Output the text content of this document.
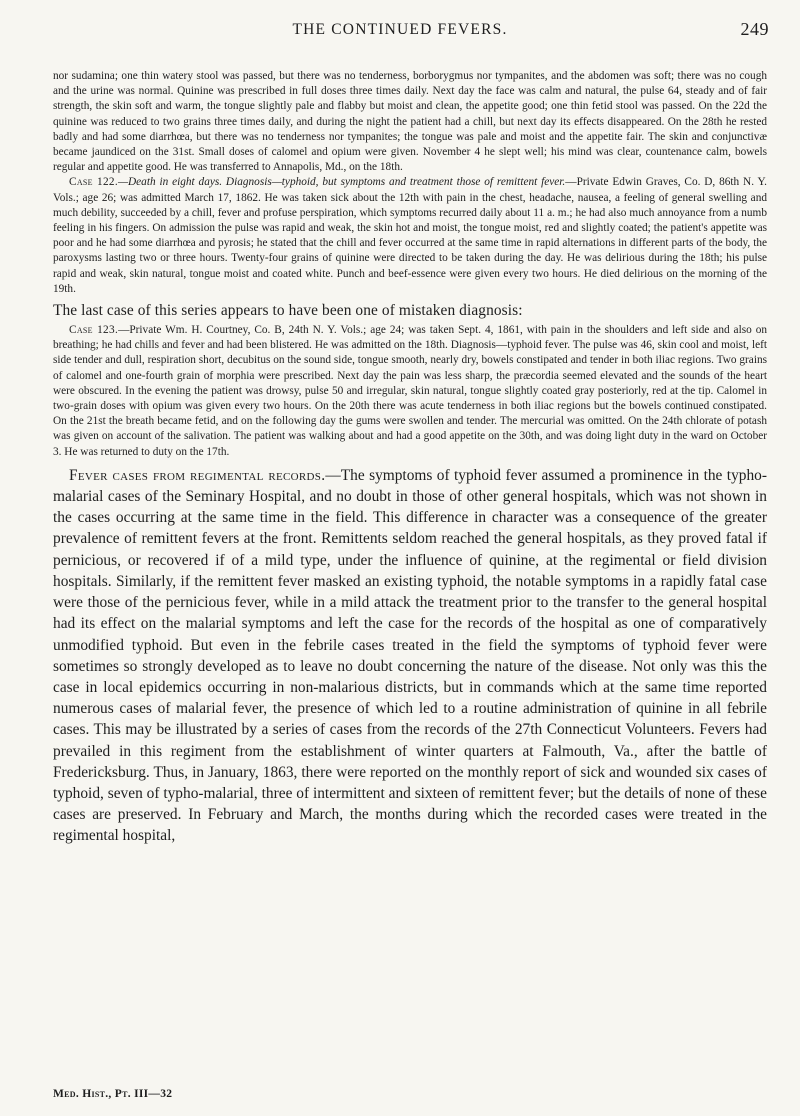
THE CONTINUED FEVERS.	249

nor sudamina; one thin watery stool was passed, but there was no tenderness, borborygmus nor tympanites, and the abdomen was soft; there was no cough and the urine was normal. Quinine was prescribed in full doses three times daily. Next day the face was calm and natural, the pulse 64, steady and of fair strength, the skin soft and warm, the tongue slightly pale and flabby but moist and clean, the appetite good; one thin fetid stool was passed. On the 22d the quinine was reduced to two grains three times daily, and during the night the patient had a chill, but next day its effects disappeared. On the 28th he rested badly and had some diarrhœa, but there was no tenderness nor tympanites; the tongue was pale and moist and the appetite fair. The skin and conjunctivæ became jaundiced on the 31st. Small doses of calomel and opium were given. November 4 he slept well; his mind was clear, countenance calm, bowels regular and appetite good. He was transferred to Annapolis, Md., on the 18th.

Case 122.—Death in eight days. Diagnosis—typhoid, but symptoms and treatment those of remittent fever.—Private Edwin Graves, Co. D, 86th N. Y. Vols.; age 26; was admitted March 17, 1862. He was taken sick about the 12th with pain in the chest, headache, nausea, a feeling of general swelling and much debility, succeeded by a chill, fever and profuse perspiration, which symptoms recurred daily about 11 a. m.; he had also much annoyance from a numb feeling in his fingers. On admission the pulse was rapid and weak, the skin hot and moist, the tongue moist, red and slightly coated; the patient's appetite was poor and he had some diarrhœa and pyrosis; he stated that the chill and fever occurred at the same time in rapid alternations in different parts of the body, the paroxysms lasting two or three hours. Twenty-four grains of quinine were directed to be taken during the day. He was delirious during the 18th; his pulse rapid and weak, skin natural, tongue moist and coated white. Punch and beef-essence were given every two hours. He died delirious on the morning of the 19th.

The last case of this series appears to have been one of mistaken diagnosis:

Case 123.—Private Wm. H. Courtney, Co. B, 24th N. Y. Vols.; age 24; was taken Sept. 4, 1861, with pain in the shoulders and left side and also on breathing; he had chills and fever and had been blistered. He was admitted on the 18th. Diagnosis—typhoid fever. The pulse was 46, skin cool and moist, left side tender and dull, respiration short, decubitus on the sound side, tongue smooth, nearly dry, bowels constipated and tender in both iliac regions. Two grains of calomel and one-fourth grain of morphia were prescribed. Next day the pain was less sharp, the præcordia seemed elevated and the sounds of the heart were obscured. In the evening the patient was drowsy, pulse 50 and irregular, skin natural, tongue slightly coated gray posteriorly, red at the tip. Calomel in two-grain doses with opium was given every two hours. On the 20th there was acute tenderness in both iliac regions but the bowels continued constipated. On the 21st the breath became fetid, and on the following day the gums were swollen and tender. The mercurial was omitted. On the 24th chlorate of potash was given on account of the salivation. The patient was walking about and had a good appetite on the 30th, and was doing light duty in the ward on October 3. He was returned to duty on the 17th.

Fever cases from regimental records.—The symptoms of typhoid fever assumed a prominence in the typho-malarial cases of the Seminary Hospital, and no doubt in those of other general hospitals, which was not shown in the cases occurring at the same time in the field. This difference in character was a consequence of the greater prevalence of remittent fevers at the front. Remittents seldom reached the general hospitals, as they proved fatal if pernicious, or recovered if of a mild type, under the influence of quinine, at the regimental or field division hospitals. Similarly, if the remittent fever masked an existing typhoid, the notable symptoms in a rapidly fatal case were those of the pernicious fever, while in a mild attack the treatment prior to the transfer to the general hospital had its effect on the malarial symptoms and left the case for the records of the hospital as one of comparatively unmodified typhoid. But even in the febrile cases treated in the field the symptoms of typhoid fever were sometimes so strongly developed as to leave no doubt concerning the nature of the disease. Not only was this the case in local epidemics occurring in non-malarious districts, but in commands which at the same time reported numerous cases of malarial fever, the presence of which led to a routine administration of quinine in all febrile cases. This may be illustrated by a series of cases from the records of the 27th Connecticut Volunteers. Fevers had prevailed in this regiment from the establishment of winter quarters at Falmouth, Va., after the battle of Fredericksburg. Thus, in January, 1863, there were reported on the monthly report of sick and wounded six cases of typhoid, seven of typho-malarial, three of intermittent and sixteen of remittent fever; but the details of none of these cases are preserved. In February and March, the months during which the recorded cases were treated in the regimental hospital,

Med. Hist., Pt. III—32
